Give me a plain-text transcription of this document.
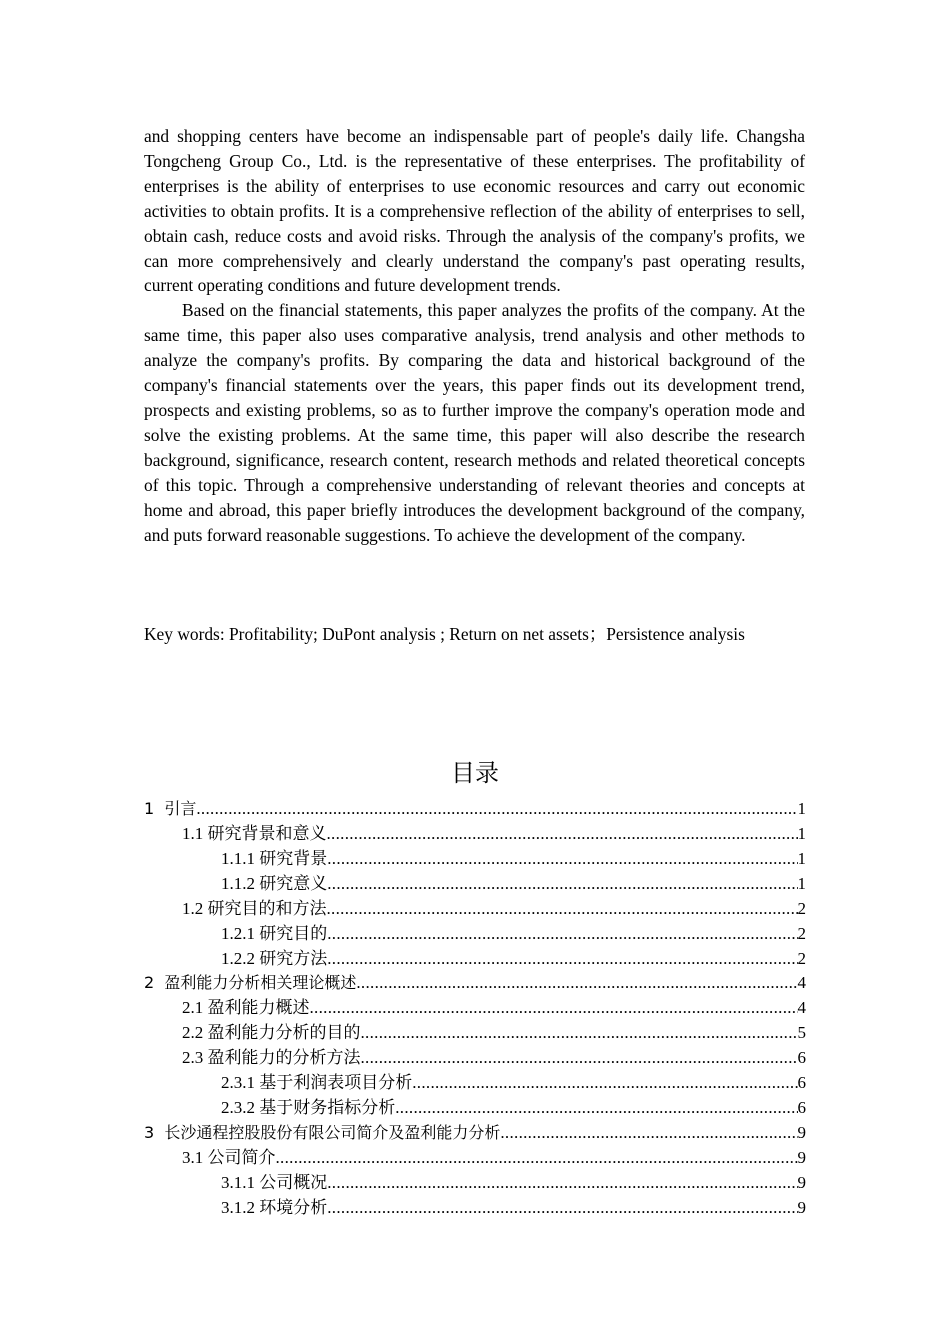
and shopping centers have become an indispensable part of people's daily life. Changsha Tongcheng Group Co., Ltd. is the representative of these enterprises. The profitability of enterprises is the ability of enterprises to use economic resources and carry out economic activities to obtain profits. It is a comprehensive reflection of the ability of enterprises to sell, obtain cash, reduce costs and avoid risks. Through the analysis of the company's profits, we can more comprehensively and clearly understand the company's past operating results, current operating conditions and future development trends.

Based on the financial statements, this paper analyzes the profits of the company. At the same time, this paper also uses comparative analysis, trend analysis and other methods to analyze the company's profits. By comparing the data and historical background of the company's financial statements over the years, this paper finds out its development trend, prospects and existing problems, so as to further improve the company's operation mode and solve the existing problems. At the same time, this paper will also describe the research background, significance, research content, research methods and related theoretical concepts of this topic. Through a comprehensive understanding of relevant theories and concepts at home and abroad, this paper briefly introduces the development background of the company, and puts forward reasonable suggestions. To achieve the development of the company.

Key words: Profitability; DuPont analysis ; Return on net assets；Persistence analysis
目录
1 引言 .....	1
1.1 研究背景和意义 .....	1
1.1.1 研究背景 .....	1
1.1.2 研究意义 .....	1
1.2 研究目的和方法 .....	2
1.2.1 研究目的 .....	2
1.2.2 研究方法 .....	2
2 盈利能力分析相关理论概述 .....	4
2.1 盈利能力概述 .....	4
2.2 盈利能力分析的目的 .....	5
2.3 盈利能力的分析方法 .....	6
2.3.1 基于利润表项目分析 .....	6
2.3.2 基于财务指标分析 .....	6
3 长沙通程控股股份有限公司简介及盈利能力分析 .....	9
3.1 公司简介 .....	9
3.1.1 公司概况 .....	9
3.1.2 环境分析 .....	9
